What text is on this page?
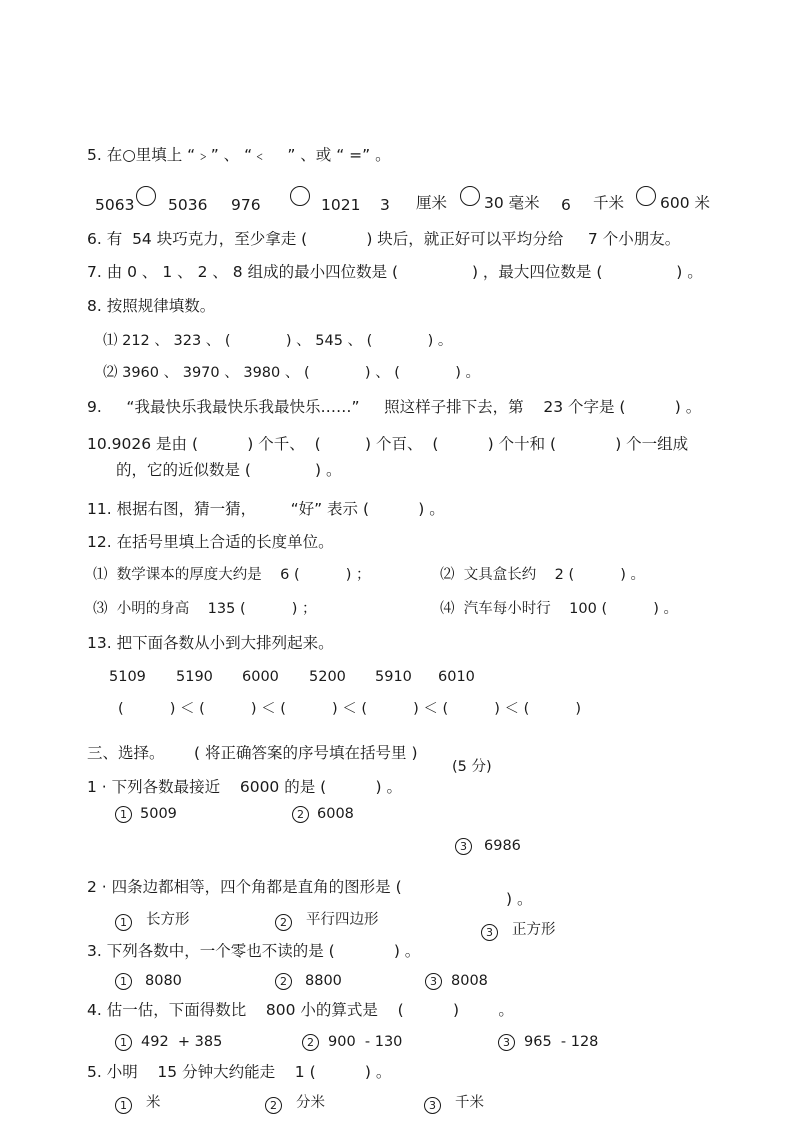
5. 在○里填上 “﹥” 、 “﹤    ” 、或 “ =” 。
5063 5036 976	1021 3 厘米 30 毫米 6 千米 600 米
6. 有  54 块巧克力，至少拿走 (            ) 块后，就正好可以平均分给     7 个小朋友。
7. 由 0 、 1 、 2 、 8 组成的最小四位数是 (               ) ，最大四位数是 (               ) 。
8. 按照规律填数。
⑴ 212 、 323 、 (            ) 、 545 、 (            ) 。
⑵ 3960 、 3970 、 3980 、 (            ) 、 (            ) 。
9.     “我最快乐我最快乐我最快乐……”     照这样子排下去，第    23 个字是 (          ) 。
10.9026 是由 (          ) 个千、  (         ) 个百、  (          ) 个十和 (            ) 个一组成
的，它的近似数是 (             ) 。
11. 根据右图，猜一猜，       “好” 表示 (          ) 。
12. 在括号里填上合适的长度单位。
⑴  数学课本的厚度大约是    6 (          ) ；	⑵  文具盒长约    2 (          ) 。
⑶  小明的身高    135 (          ) ；	⑷  汽车每小时行    100 (          ) 。
13. 把下面各数从小到大排列起来。
5109 5190 6000 5200 5910 6010
(          ) ＜ (          ) ＜ (          ) ＜ (          ) ＜ (          ) ＜ (          )
三、选择。      ( 将正确答案的序号填在括号里 )
(5 分)
1 · 下列各数最接近    6000 的是 (          ) 。
1 5009	2 6008
3	6986
2 · 四条边都相等，四个角都是直角的图形是 (
) 。
1	长方形	2	平行四边形
3	正方形
3. 下列各数中，一个零也不读的是 (            ) 。
1	8080	2	8800	3 8008
4. 估一估，下面得数比    800 小的算式是    (          )        。
1 492  + 385	2 900  - 130	3 965  - 128
5. 小明    15 分钟大约能走    1 (          ) 。
1	米	2	分米	3	千米
